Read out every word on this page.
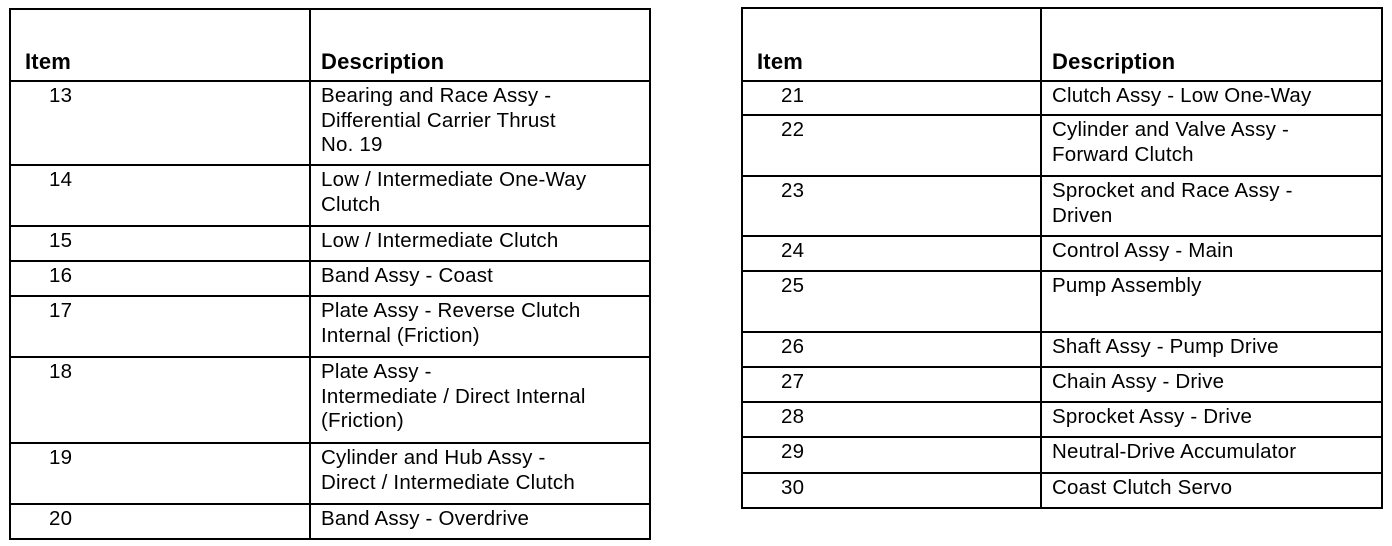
Item	Description
13	Bearing and Race Assy -
Differential Carrier Thrust
No. 19

14	Low / Intermediate One-Way
Clutch

15	Low / Intermediate Clutch

16	Band Assy - Coast

17	Plate Assy - Reverse Clutch
Internal (Friction)

18	Plate Assy -
Intermediate / Direct Internal
(Friction)

19	Cylinder and Hub Assy -
Direct / Intermediate Clutch

20	Band Assy - Overdrive
Item	Description
21	Clutch Assy - Low One-Way

22	Cylinder and Valve Assy -
Forward Clutch

23	Sprocket and Race Assy -
Driven

24	Control Assy - Main

25	Pump Assembly

26	Shaft Assy - Pump Drive

27	Chain Assy - Drive

28	Sprocket Assy - Drive

29	Neutral-Drive Accumulator

30	Coast Clutch Servo
